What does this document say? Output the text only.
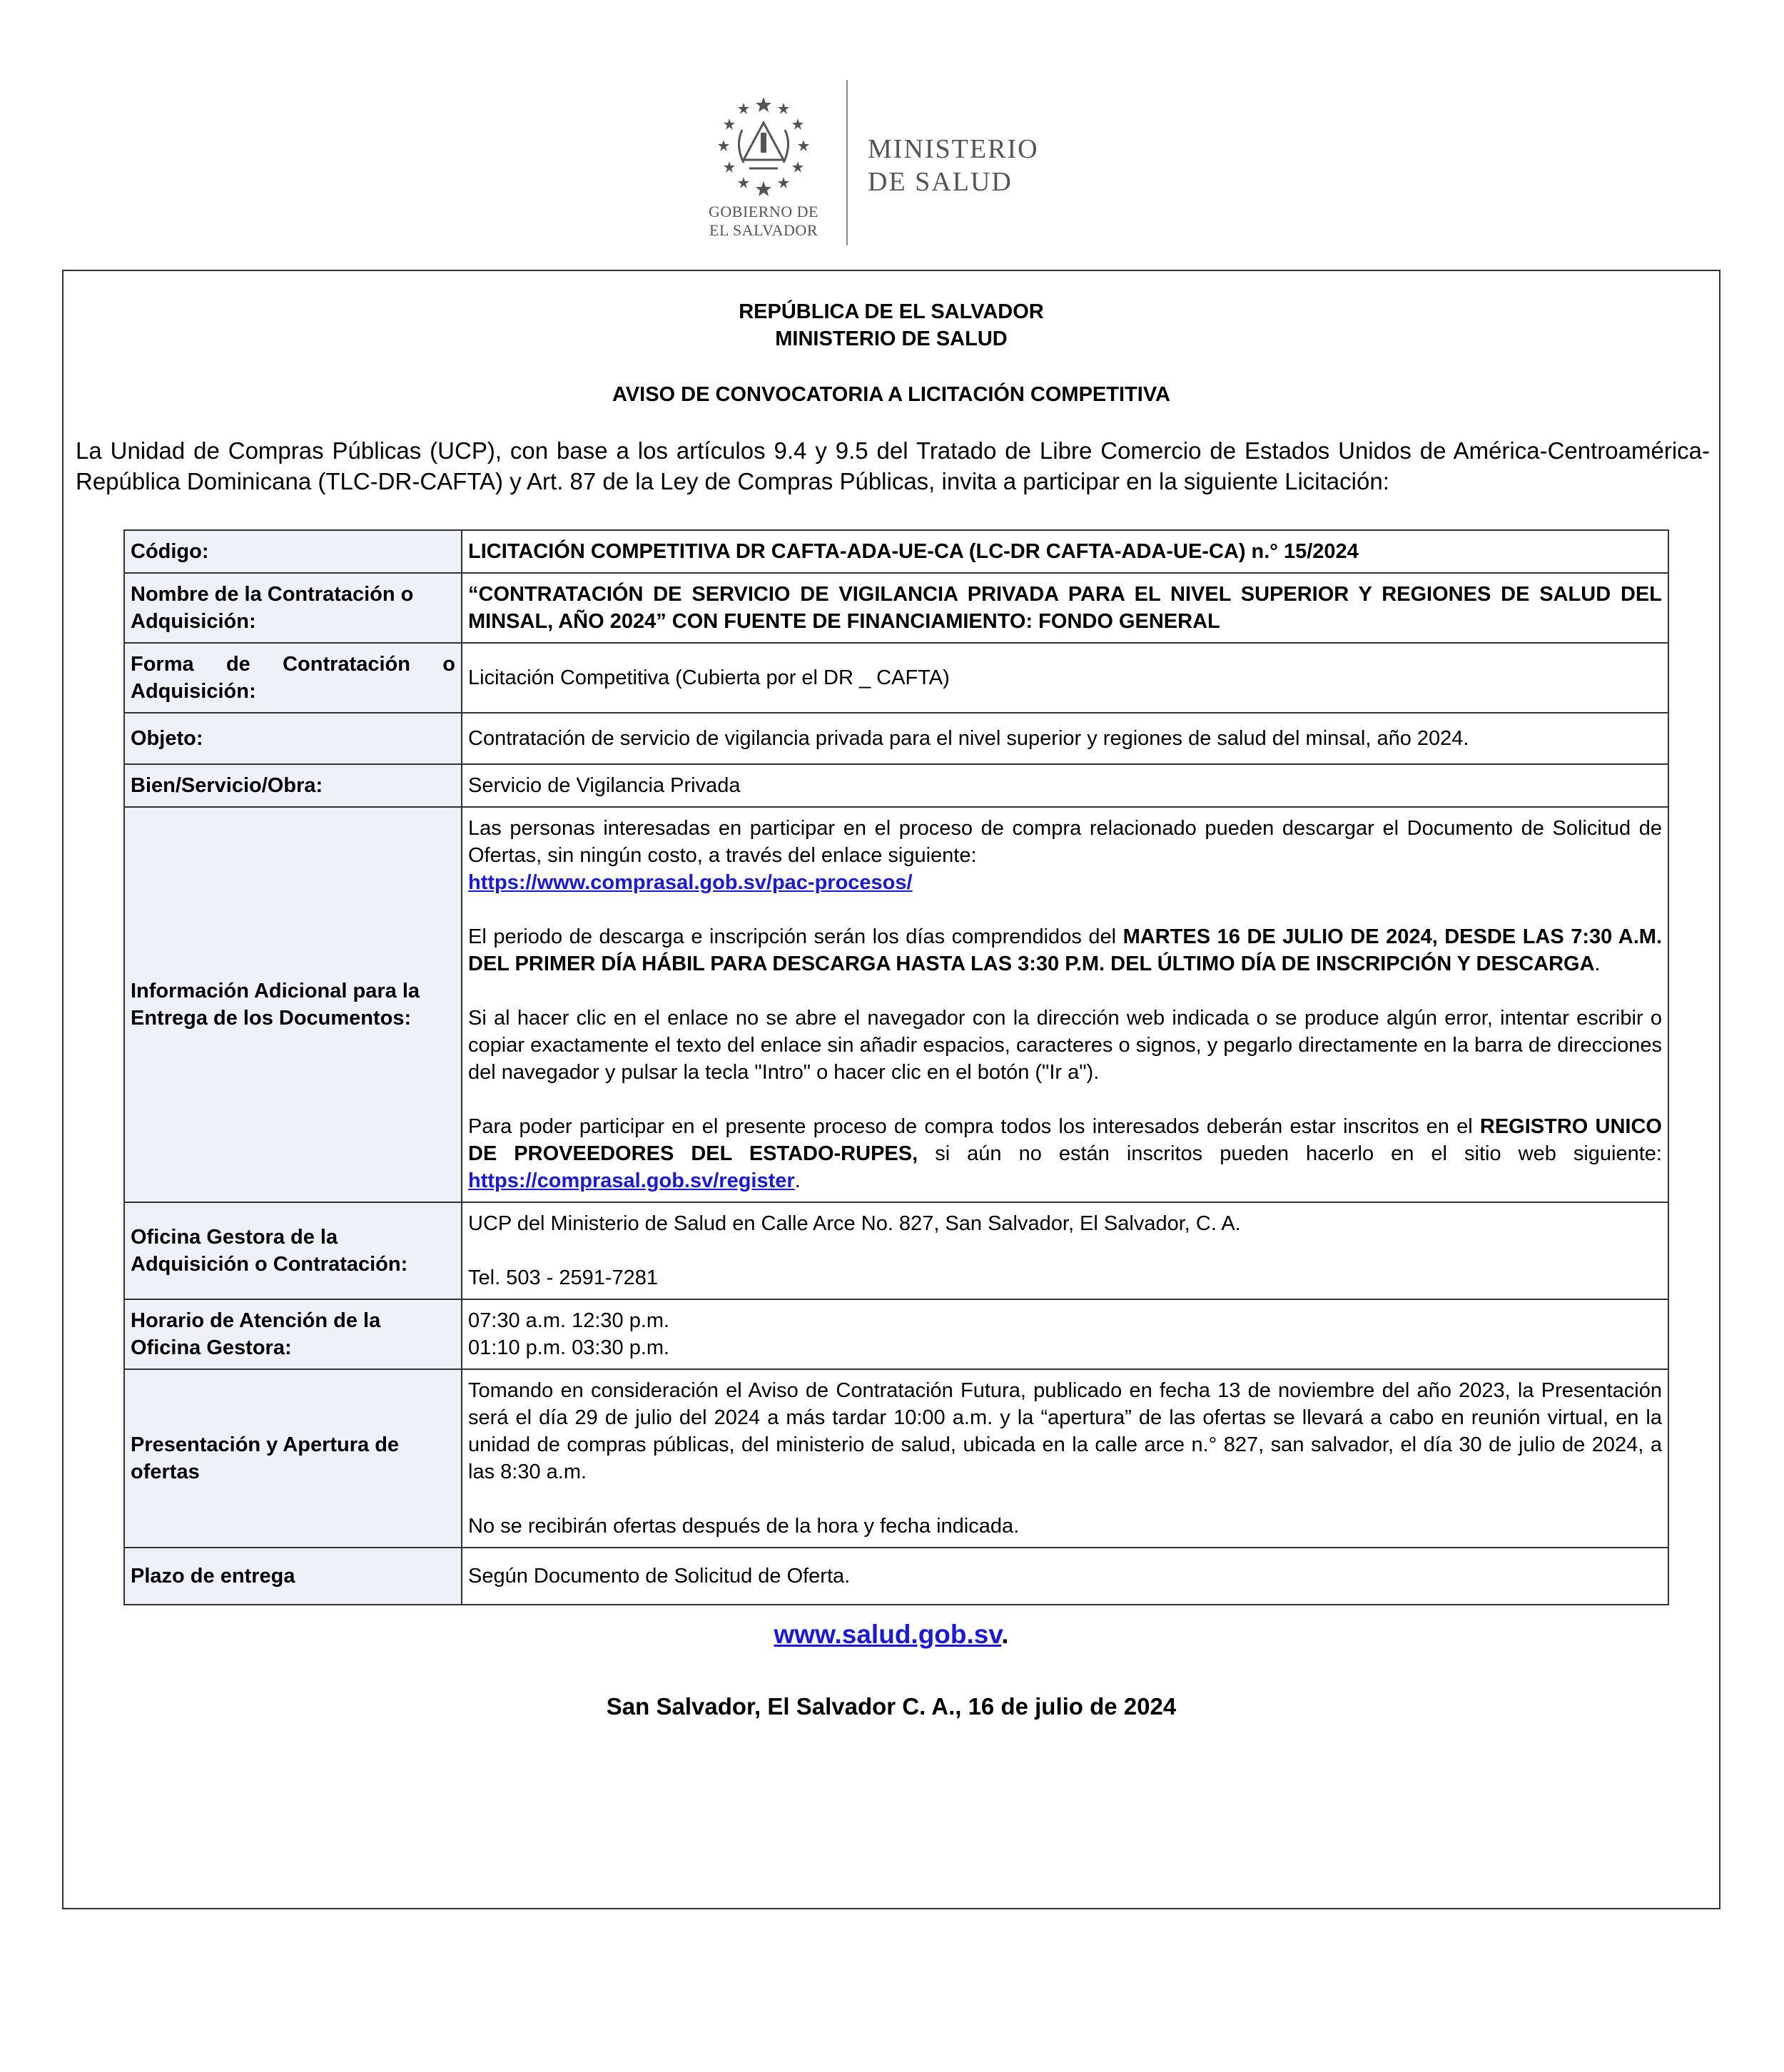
GOBIERNO DE
EL SALVADOR
MINISTERIO
DE SALUD
REPÚBLICA DE EL SALVADOR
MINISTERIO DE SALUD
AVISO DE CONVOCATORIA A LICITACIÓN COMPETITIVA
La Unidad de Compras Públicas (UCP), con base a los artículos 9.4 y 9.5 del Tratado de Libre Comercio de Estados Unidos de América-Centroamérica-República Dominicana (TLC-DR-CAFTA) y Art. 87 de la Ley de Compras Públicas, invita a participar en la siguiente Licitación:
Código:	LICITACIÓN COMPETITIVA DR CAFTA-ADA-UE-CA (LC-DR CAFTA-ADA-UE-CA) n.° 15/2024
Nombre de la Contratación o Adquisición:	“CONTRATACIÓN DE SERVICIO DE VIGILANCIA PRIVADA PARA EL NIVEL SUPERIOR Y REGIONES DE SALUD DEL MINSAL, AÑO 2024” CON FUENTE DE FINANCIAMIENTO: FONDO GENERAL
Forma de Contratación o Adquisición:	Licitación Competitiva (Cubierta por el DR _ CAFTA)
Objeto:	Contratación de servicio de vigilancia privada para el nivel superior y regiones de salud del minsal, año 2024.
Bien/Servicio/Obra:	Servicio de Vigilancia Privada
Información Adicional para la Entrega de los Documentos:	Las personas interesadas en participar en el proceso de compra relacionado pueden descargar el Documento de Solicitud de Ofertas, sin ningún costo, a través del enlace siguiente:
https://www.comprasal.gob.sv/pac-procesos/
El periodo de descarga e inscripción serán los días comprendidos del MARTES 16 DE JULIO DE 2024, DESDE LAS 7:30 A.M. DEL PRIMER DÍA HÁBIL PARA DESCARGA HASTA LAS 3:30 P.M. DEL ÚLTIMO DÍA DE INSCRIPCIÓN Y DESCARGA.
Si al hacer clic en el enlace no se abre el navegador con la dirección web indicada o se produce algún error, intentar escribir o copiar exactamente el texto del enlace sin añadir espacios, caracteres o signos, y pegarlo directamente en la barra de direcciones del navegador y pulsar la tecla "Intro" o hacer clic en el botón ("Ir a").
Para poder participar en el presente proceso de compra todos los interesados deberán estar inscritos en el REGISTRO UNICO DE PROVEEDORES DEL ESTADO-RUPES, si aún no están inscritos pueden hacerlo en el sitio web siguiente: https://comprasal.gob.sv/register.

Oficina Gestora de la Adquisición o Contratación:	UCP del Ministerio de Salud en Calle Arce No. 827, San Salvador, El Salvador, C. A.
Tel. 503 - 2591-7281

Horario de Atención de la Oficina Gestora:	07:30 a.m. 12:30 p.m.
01:10 p.m. 03:30 p.m.

Presentación y Apertura de ofertas	Tomando en consideración el Aviso de Contratación Futura, publicado en fecha 13 de noviembre del año 2023, la Presentación será el día 29 de julio del 2024 a más tardar 10:00 a.m. y la “apertura” de las ofertas se llevará a cabo en reunión virtual, en la unidad de compras públicas, del ministerio de salud, ubicada en la calle arce n.° 827, san salvador, el día 30 de julio de 2024, a las 8:30 a.m.
No se recibirán ofertas después de la hora y fecha indicada.

Plazo de entrega	Según Documento de Solicitud de Oferta.
www.salud.gob.sv.
San Salvador, El Salvador C. A., 16 de julio de 2024
